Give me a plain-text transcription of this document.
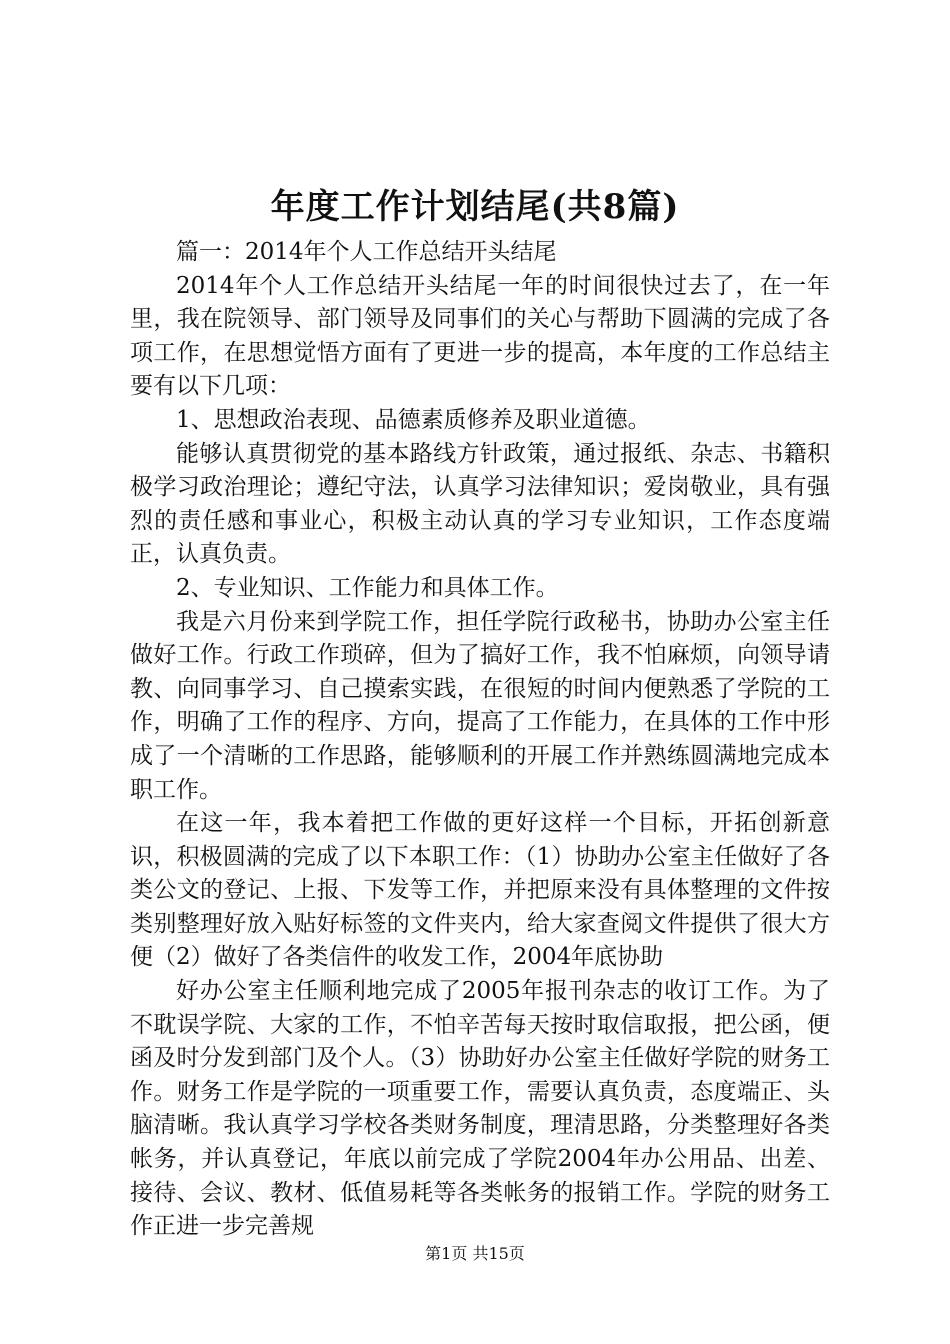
年度工作计划结尾(共8篇)

篇一：2014年个人工作总结开头结尾

2014年个人工作总结开头结尾一年的时间很快过去了，在一年里，我在院领导、部门领导及同事们的关心与帮助下圆满的完成了各项工作，在思想觉悟方面有了更进一步的提高，本年度的工作总结主要有以下几项：

1、思想政治表现、品德素质修养及职业道德。

能够认真贯彻党的基本路线方针政策，通过报纸、杂志、书籍积极学习政治理论；遵纪守法，认真学习法律知识；爱岗敬业，具有强烈的责任感和事业心，积极主动认真的学习专业知识，工作态度端正，认真负责。

2、专业知识、工作能力和具体工作。

我是六月份来到学院工作，担任学院行政秘书，协助办公室主任做好工作。行政工作琐碎，但为了搞好工作，我不怕麻烦，向领导请教、向同事学习、自己摸索实践，在很短的时间内便熟悉了学院的工作，明确了工作的程序、方向，提高了工作能力，在具体的工作中形成了一个清晰的工作思路，能够顺利的开展工作并熟练圆满地完成本职工作。

在这一年，我本着把工作做的更好这样一个目标，开拓创新意识，积极圆满的完成了以下本职工作：（1）协助办公室主任做好了各类公文的登记、上报、下发等工作，并把原来没有具体整理的文件按类别整理好放入贴好标签的文件夹内，给大家查阅文件提供了很大方便（2）做好了各类信件的收发工作，2004年底协助

好办公室主任顺利地完成了2005年报刊杂志的收订工作。为了不耽误学院、大家的工作，不怕辛苦每天按时取信取报，把公函，便函及时分发到部门及个人。（3）协助好办公室主任做好学院的财务工作。财务工作是学院的一项重要工作，需要认真负责，态度端正、头脑清晰。我认真学习学校各类财务制度，理清思路，分类整理好各类帐务，并认真登记，年底以前完成了学院2004年办公用品、出差、接待、会议、教材、低值易耗等各类帐务的报销工作。学院的财务工作正进一步完善规

第1页 共15页
